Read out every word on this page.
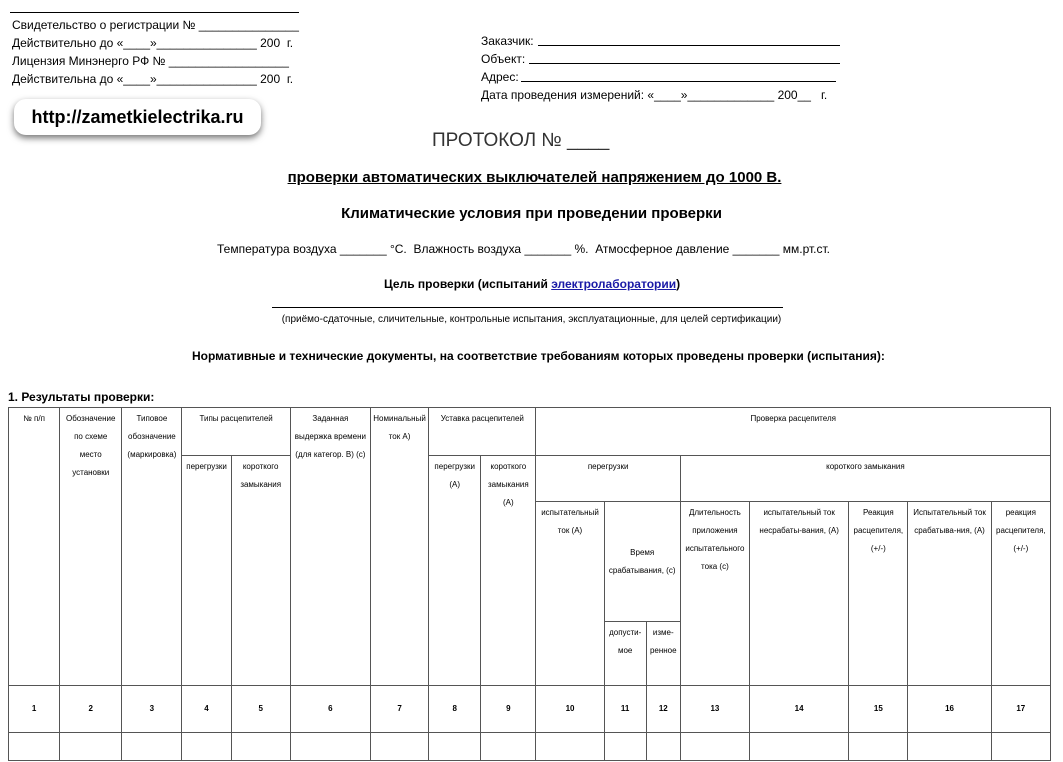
Свидетельство о регистрации № _______________
Действительно до «____»_______________ 200 г.
Лицензия Минэнерго РФ № __________________
Действительна до «____»_______________ 200 г.
http://zametkielectrika.ru
Заказчик:
Объект:
Адрес:
Дата проведения измерений: «____»_____________ 200__   г.
ПРОТОКОЛ № ____
проверки автоматических выключателей напряжением до 1000 В.
Климатические условия при проведении проверки
Температура воздуха _______ °С. Влажность воздуха _______ %. Атмосферное давление _______ мм.рт.ст.
Цель проверки (испытаний электролаборатории)
(приёмо-сдаточные, сличительные, контрольные испытания, эксплуатационные, для целей сертификации)
Нормативные и технические документы, на соответствие требованиям которых проведены проверки (испытания):
1. Результаты проверки:
№ п/п	Обозначение по схеме место установки	Типовое обозначение (маркировка)	Типы расцепителей		Заданная выдержка времени (для категор. В) (с)	Номинальный ток А)	Уставка расцепителей		Проверка расцепителя							
			перегрузки	короткого замыкания			перегрузки (А)	короткого замыкания (А)	перегрузки			короткого замыкания				
									испытательный ток (А)	Время срабатывания, (с)		Длительность приложения испытательного тока (с)	испытательный ток несрабаты-вания, (А)	Реакция расцепителя, (+/-)	Испытательный ток срабатыва-ния, (А)	реакция расцепителя, (+/-)
										допусти-мое	изме-ренное					
1	2	3	4	5	6	7	8	9	10	11	12	13	14	15	16	17
